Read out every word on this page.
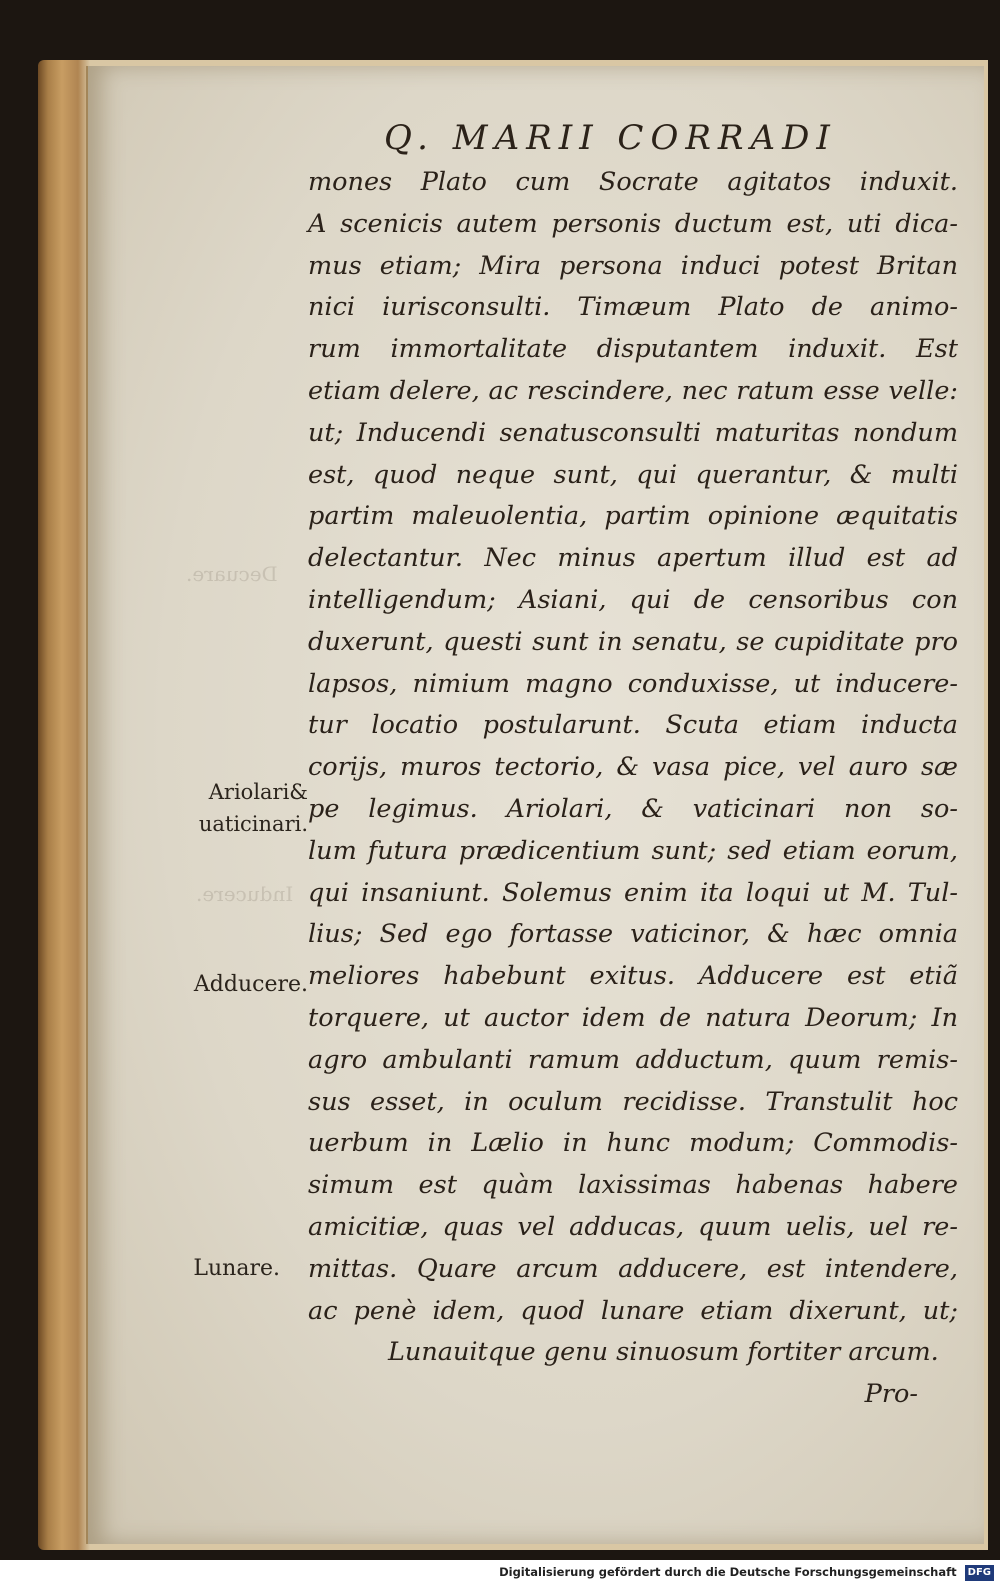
Decuare.
Inducere.
Q. MARII CORRADI
mones Plato cum Socrate agitatos induxit.
A scenicis autem personis ductum est, uti dica-
mus etiam; Mira persona induci potest Britan
nici iurisconsulti. Timæum Plato de animo-
rum immortalitate disputantem induxit. Est
etiam delere, ac rescindere, nec ratum esse velle:
ut; Inducendi senatusconsulti maturitas nondum
est, quod neque sunt, qui querantur, & multi
partim maleuolentia, partim opinione æquitatis
delectantur. Nec minus apertum illud est ad
intelligendum; Asiani, qui de censoribus con
duxerunt, questi sunt in senatu, se cupiditate pro
lapsos, nimium magno conduxisse, ut inducere-
tur locatio postularunt. Scuta etiam inducta
corijs, muros tectorio, & vasa pice, vel auro sæ
pe legimus. Ariolari, & vaticinari non so-
lum futura prædicentium sunt; sed etiam eorum,
qui insaniunt. Solemus enim ita loqui ut M. Tul-
lius; Sed ego fortasse vaticinor, & hæc omnia
meliores habebunt exitus. Adducere est etiã
torquere, ut auctor idem de natura Deorum; In
agro ambulanti ramum adductum, quum remis-
sus esset, in oculum recidisse. Transtulit hoc
uerbum in Lælio in hunc modum; Commodis-
simum est quàm laxissimas habenas habere
amicitiæ, quas vel adducas, quum uelis, uel re-
mittas. Quare arcum adducere, est intendere,
ac penè idem, quod lunare etiam dixerunt, ut;
Lunauitque genu sinuosum fortiter arcum.
Pro-
Ariolari&
uaticinari.
Adducere.
Lunare.
Digitalisierung gefördert durch die Deutsche Forschungsgemeinschaft DFG
